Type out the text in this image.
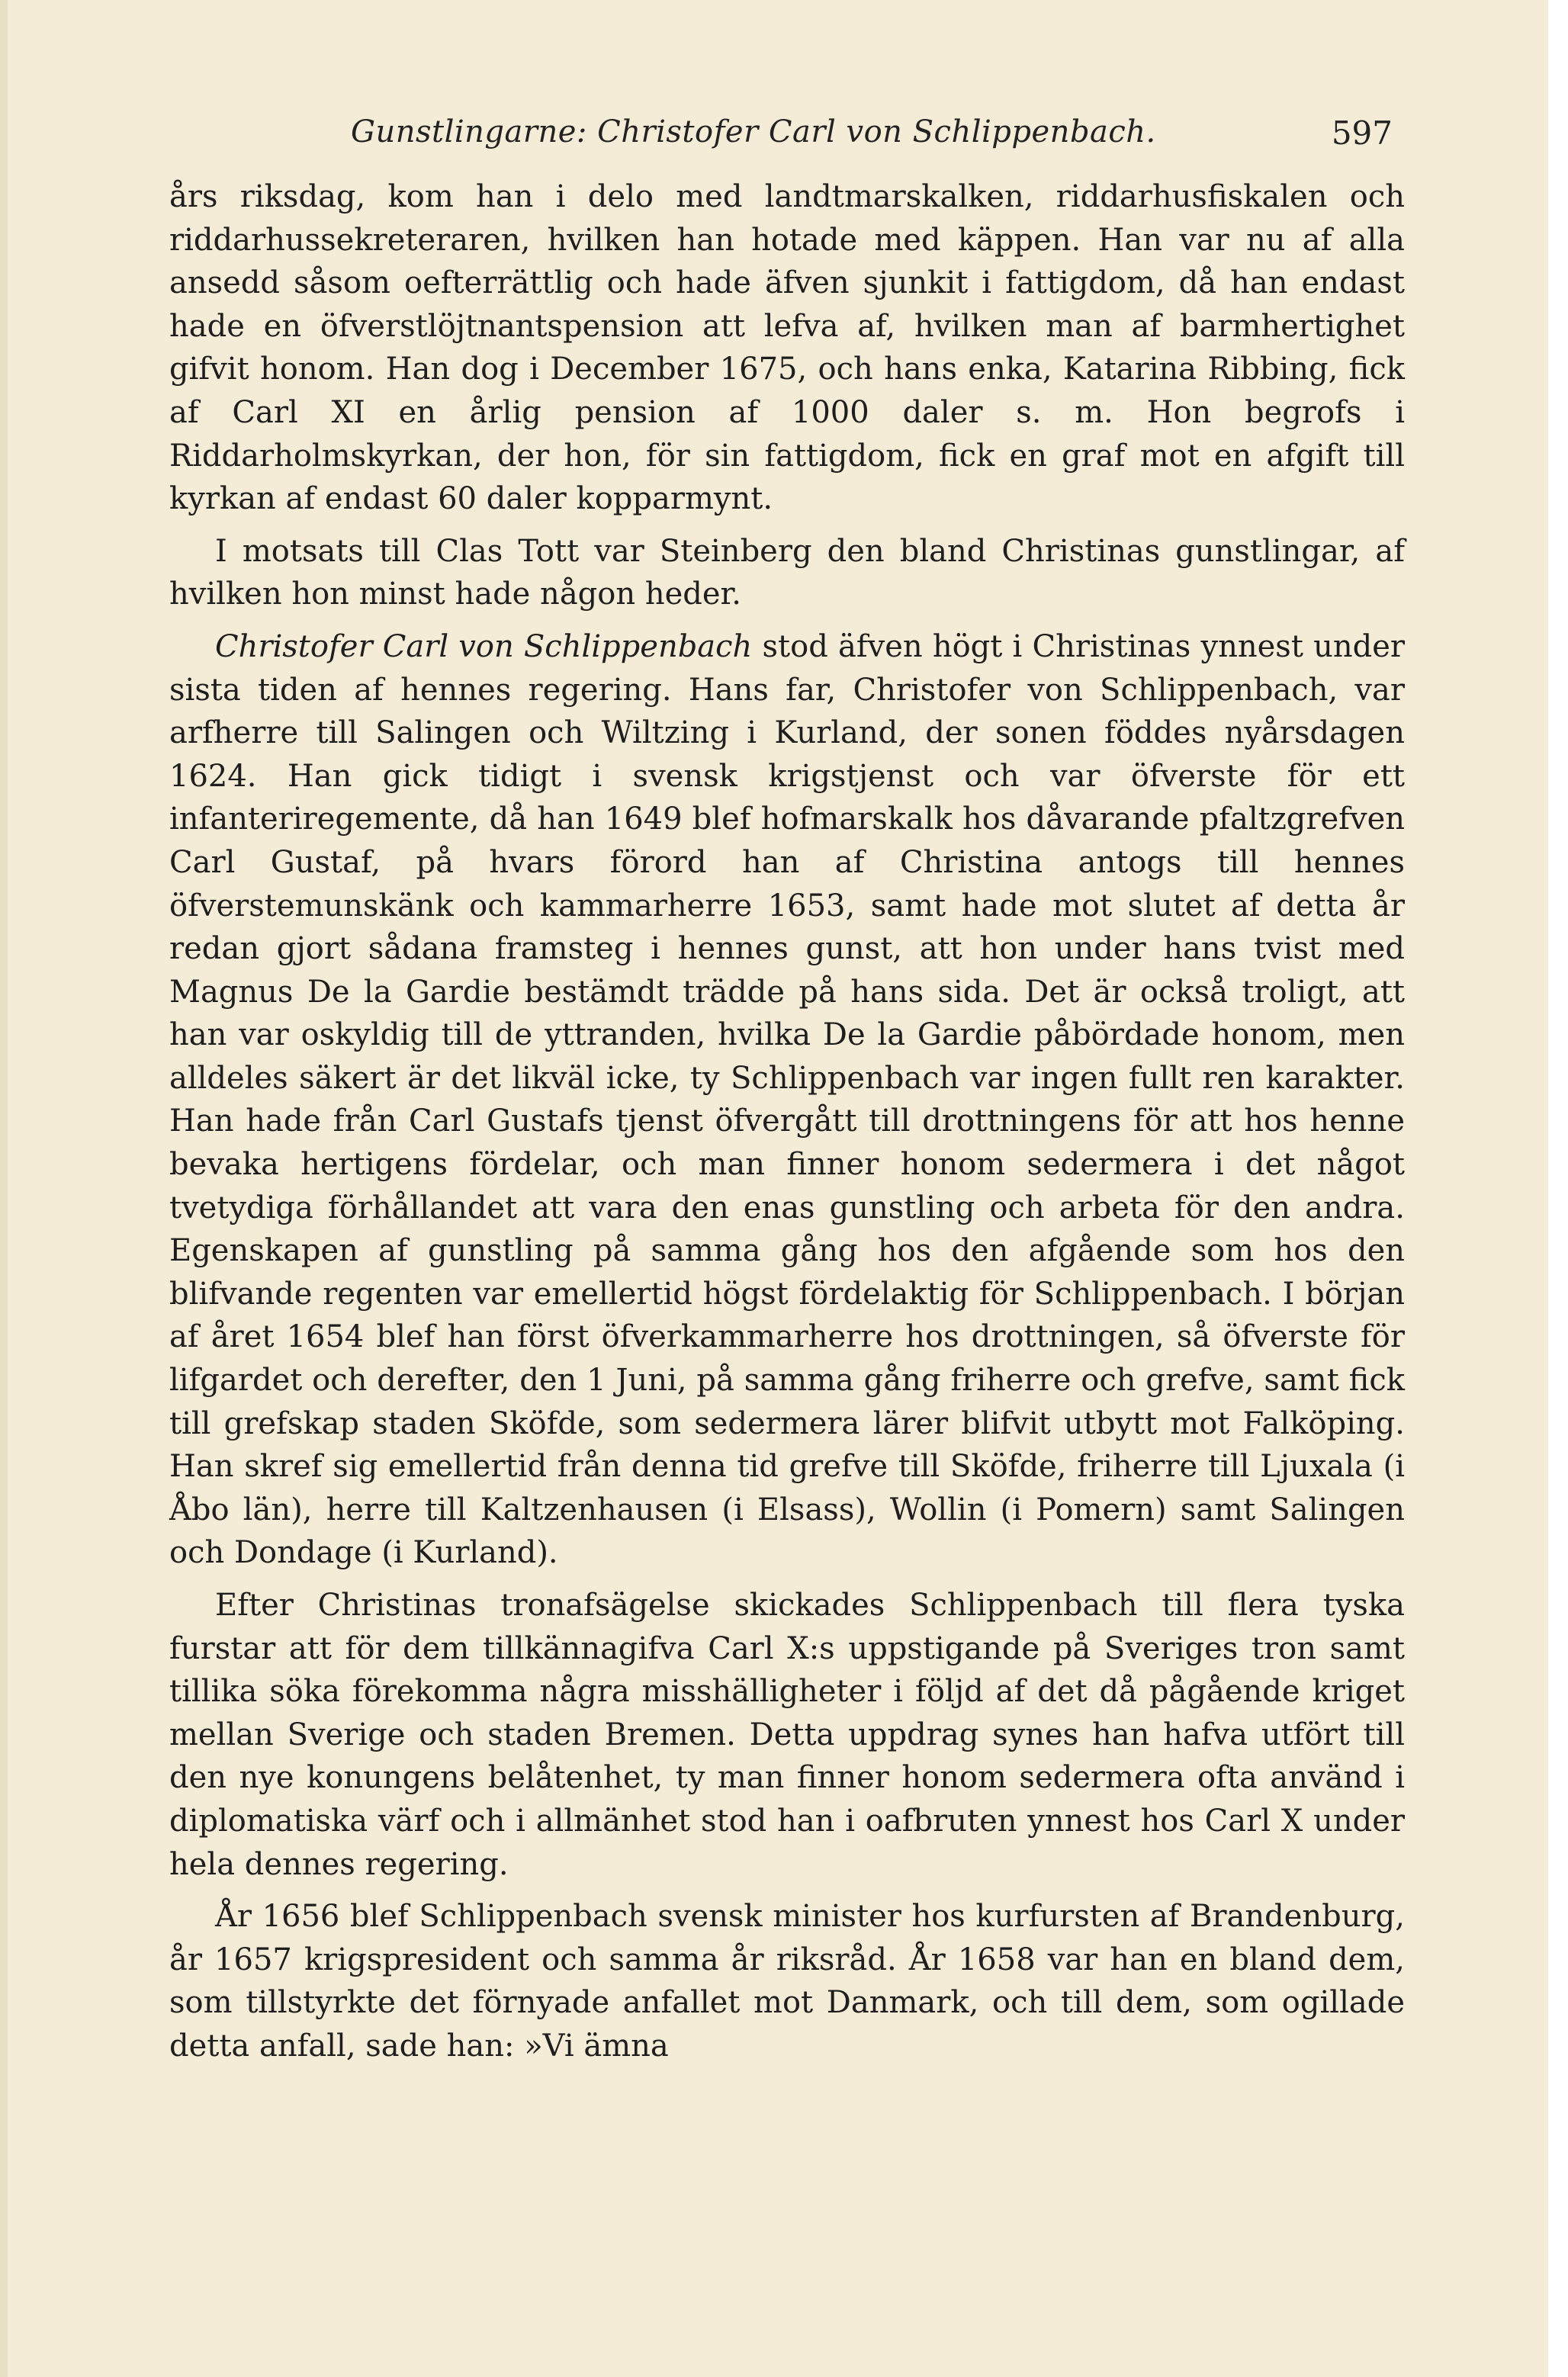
Gunstlingarne: Christofer Carl von Schlippenbach.	597

års riksdag, kom han i delo med landtmarskalken, riddarhusfiskalen och riddarhussekreteraren, hvilken han hotade med käppen. Han var nu af alla ansedd såsom oefterrättlig och hade äfven sjunkit i fattigdom, då han endast hade en öfverstlöjtnantspension att lefva af, hvilken man af barmhertighet gifvit honom. Han dog i December 1675, och hans enka, Katarina Ribbing, fick af Carl XI en årlig pension af 1000 daler s. m. Hon begrofs i Riddarholmskyrkan, der hon, för sin fattigdom, fick en graf mot en afgift till kyrkan af endast 60 daler kopparmynt.

I motsats till Clas Tott var Steinberg den bland Christinas gunstlingar, af hvilken hon minst hade någon heder.

Christofer Carl von Schlippenbach stod äfven högt i Christinas ynnest under sista tiden af hennes regering. Hans far, Christofer von Schlippenbach, var arfherre till Salingen och Wiltzing i Kurland, der sonen föddes nyårsdagen 1624. Han gick tidigt i svensk krigstjenst och var öfverste för ett infanteriregemente, då han 1649 blef hofmarskalk hos dåvarande pfaltzgrefven Carl Gustaf, på hvars förord han af Christina antogs till hennes öfverstemunskänk och kammarherre 1653, samt hade mot slutet af detta år redan gjort sådana framsteg i hennes gunst, att hon under hans tvist med Magnus De la Gardie bestämdt trädde på hans sida. Det är också troligt, att han var oskyldig till de yttranden, hvilka De la Gardie påbördade honom, men alldeles säkert är det likväl icke, ty Schlippenbach var ingen fullt ren karakter. Han hade från Carl Gustafs tjenst öfvergått till drottningens för att hos henne bevaka hertigens fördelar, och man finner honom sedermera i det något tvetydiga förhållandet att vara den enas gunstling och arbeta för den andra. Egenskapen af gunstling på samma gång hos den afgående som hos den blifvande regenten var emellertid högst fördelaktig för Schlippenbach. I början af året 1654 blef han först öfverkammarherre hos drottningen, så öfverste för lifgardet och derefter, den 1 Juni, på samma gång friherre och grefve, samt fick till grefskap staden Sköfde, som sedermera lärer blifvit utbytt mot Falköping. Han skref sig emellertid från denna tid grefve till Sköfde, friherre till Ljuxala (i Åbo län), herre till Kaltzenhausen (i Elsass), Wollin (i Pomern) samt Salingen och Dondage (i Kurland).

Efter Christinas tronafsägelse skickades Schlippenbach till flera tyska furstar att för dem tillkännagifva Carl X:s uppstigande på Sveriges tron samt tillika söka förekomma några misshälligheter i följd af det då pågående kriget mellan Sverige och staden Bremen. Detta uppdrag synes han hafva utfört till den nye konungens belåtenhet, ty man finner honom sedermera ofta använd i diplomatiska värf och i allmänhet stod han i oafbruten ynnest hos Carl X under hela dennes regering.

År 1656 blef Schlippenbach svensk minister hos kurfursten af Brandenburg, år 1657 krigspresident och samma år riksråd. År 1658 var han en bland dem, som tillstyrkte det förnyade anfallet mot Danmark, och till dem, som ogillade detta anfall, sade han: »Vi ämna
